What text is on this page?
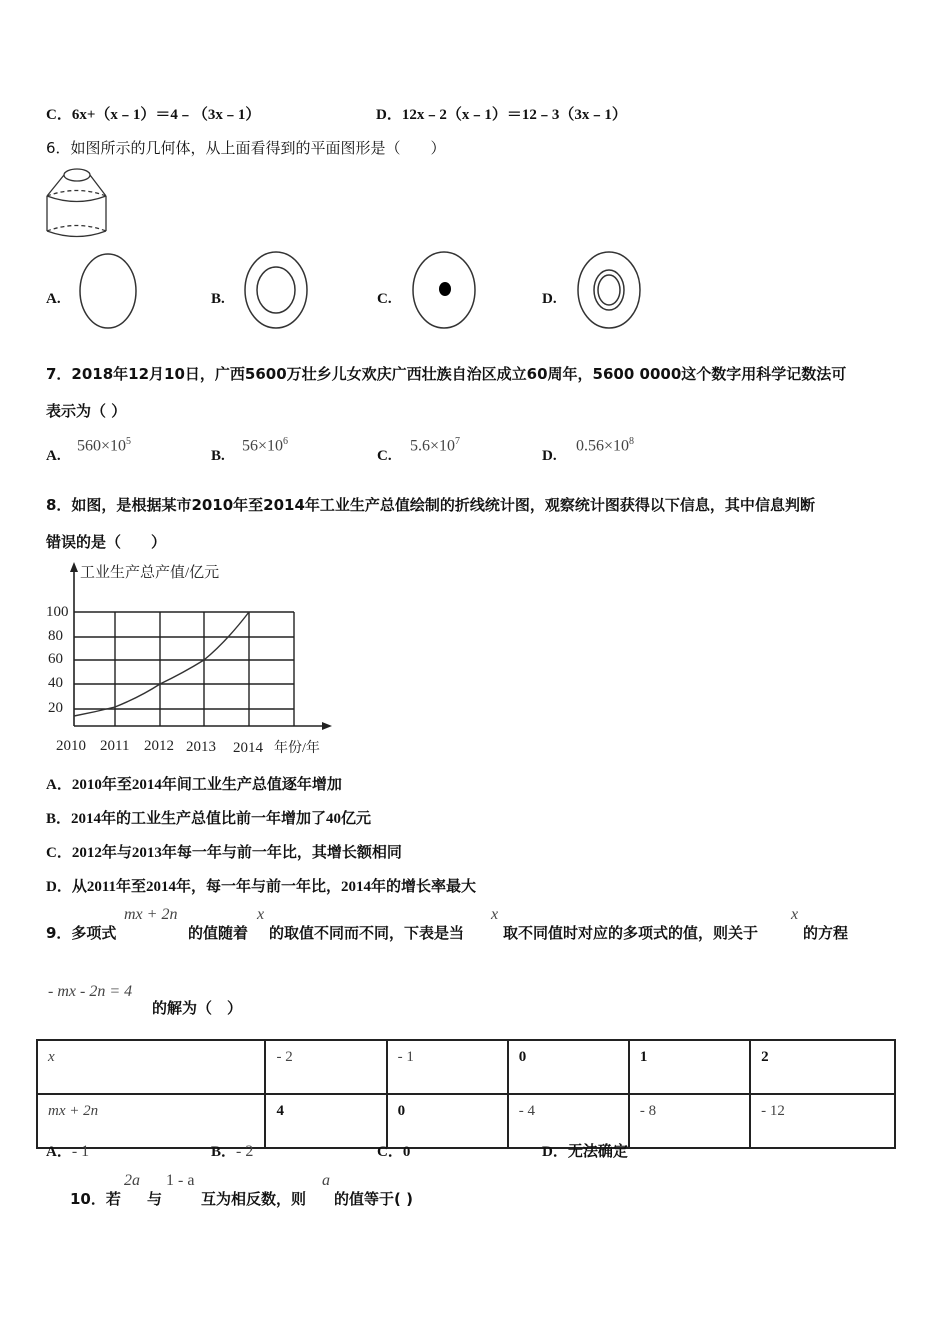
C．6x+（x﹣1）＝4﹣（3x﹣1）	D．12x﹣2（x﹣1）＝12﹣3（3x﹣1）
6．如图所示的几何体，从上面看得到的平面图形是（　　）
A.	B.	C.	D.
7．2018年12月10日，广西5600万壮乡儿女欢庆广西壮族自治区成立60周年，5600 0000这个数字用科学记数法可
表示为（ ）
A.
$560\times 10^5$
B.
$56\times 10^6$
C.
$5.6\times 10^7$
D.
$0.56\times 10^8$
8．如图，是根据某市2010年至2014年工业生产总值绘制的折线统计图，观察统计图获得以下信息，其中信息判断
错误的是（　　）
工业生产总产值/亿元
100
80
60
40
20
2010 2011 2012 2013 2014 年份/年
A．2010年至2014年间工业生产总值逐年增加
B．2014年的工业生产总值比前一年增加了40亿元
C．2012年与2013年每一年与前一年比，其增长额相同
D．从2011年至2014年，每一年与前一年比，2014年的增长率最大
9．多项式
mx + 2n
的值随着
x
的取值不同而不同，下表是当
x
取不同值时对应的多项式的值，则关于
x
的方程
- mx - 2n = 4
的解为（　）
x	- 2	- 1	0	1	2
mx + 2n	4	0	- 4	- 8	- 12
A．- 1	B．- 2	C．0	D．无法确定
10．若
2a
与
1 - a
互为相反数，则
a
的值等于( )
